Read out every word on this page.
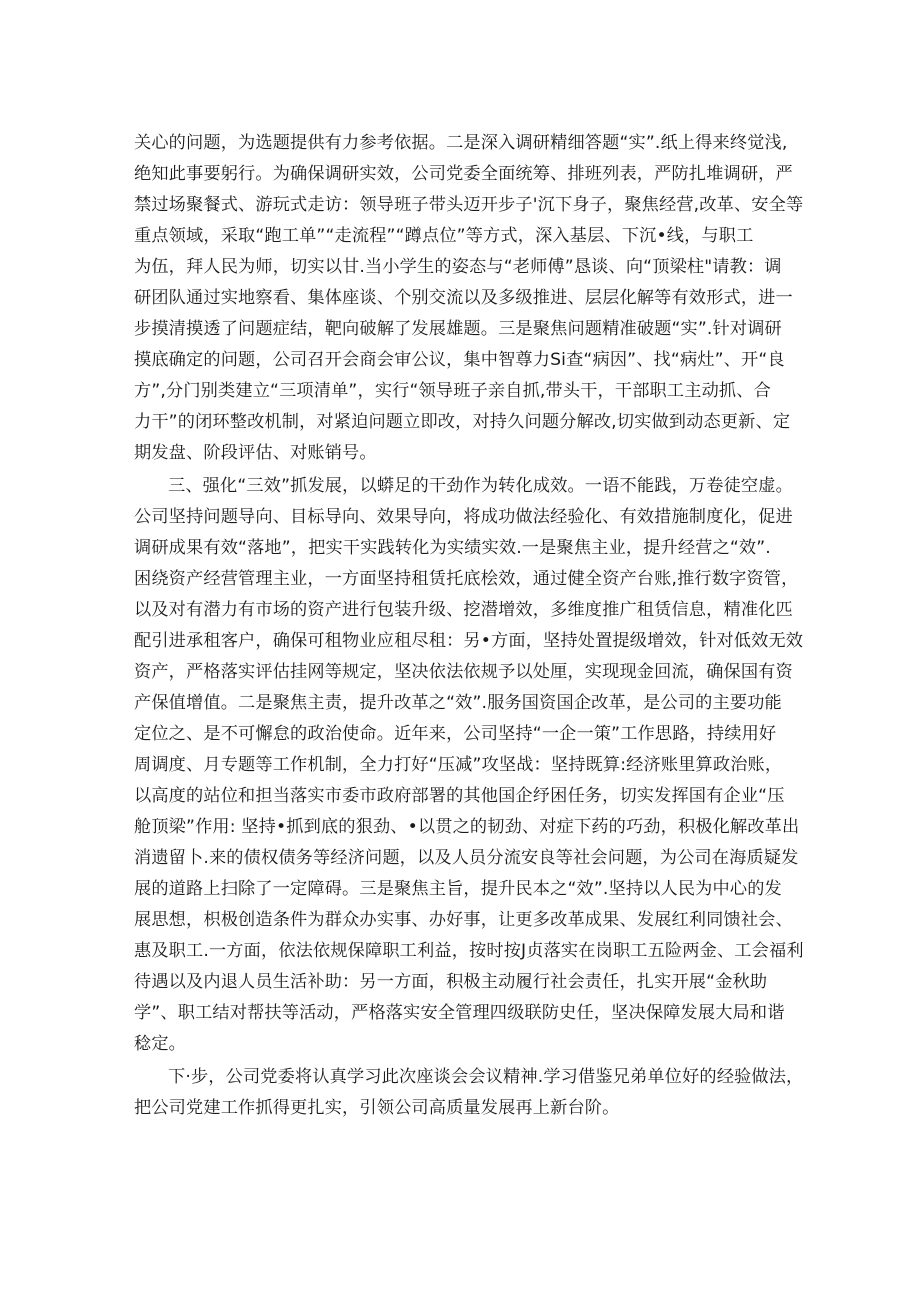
关心的问题，为选题提供有力参考依据。二是深入调研精细答题“实”.纸上得来终觉浅,
绝知此事要躬行。为确保调研实效，公司党委全面统筹、排班列表，严防扎堆调研，严
禁过场聚餐式、游玩式走访：领导班子带头迈开步子'沉下身子，聚焦经营,改革、安全等
重点领域，采取“跑工单”“走流程”“蹲点位”等方式，深入基层、下沉•线，与职工
为伍，拜人民为师，切实以甘.当小学生的姿态与“老师傅”恳谈、向“顶梁柱"请教：调
研团队通过实地察看、集体座谈、个别交流以及多级推进、层层化解等有效形式，进一
步摸清摸透了问题症结，靶向破解了发展雄题。三是聚焦问题精准破题“实”.针对调研
摸底确定的问题，公司召开会商会审公议，集中智尊力Si查“病因”、找“病灶”、开“良
方”,分门别类建立“三项清单”，实行“领导班子亲自抓,带头干，干部职工主动抓、合
力干”的闭环整改机制，对紧迫问题立即改，对持久问题分解改,切实做到动态更新、定
期发盘、阶段评估、对账销号。
三、强化“三效”抓发展，以蟒足的干劲作为转化成效。一语不能践，万卷徒空虚。
公司坚持问题导向、目标导向、效果导向，将成功做法经验化、有效措施制度化，促进
调研成果有效“落地”，把实干实践转化为实绩实效.一是聚焦主业，提升经营之“效”.
困绕资产经营管理主业，一方面坚持租赁托底桧效，通过健全资产台账,推行数字资管，
以及对有潜力有市场的资产进行包装升级、挖潜增效，多维度推广租赁信息，精准化匹
配引进承租客户，确保可租物业应租尽租：另•方面，坚持处置提级增效，针对低效无效
资产，严格落实评估挂网等规定，坚决依法依规予以处厘，实现现金回流，确保国有资
产保值增值。二是聚焦主责，提升改革之“效”.服务国资国企改革，是公司的主要功能
定位之、是不可懈怠的政治使命。近年来，公司坚持“一企一策”工作思路，持续用好
周调度、月专题等工作机制，全力打好“压减”攻坚战：坚持既算:经济账里算政治账，
以高度的站位和担当落实市委市政府部署的其他国企纾困任务，切实发挥国有企业“压
舱顶梁”作用: 坚持•抓到底的狠劲、•以贯之的韧劲、对症下药的巧劲，积极化解改革出
消遗留卜.来的债权债务等经济问题，以及人员分流安良等社会问题，为公司在海质疑发
展的道路上扫除了一定障碍。三是聚焦主旨，提升民本之“效”.坚持以人民为中心的发
展思想，枳极创造条件为群众办实事、办好事，让更多改革成果、发展红利同馈社会、
惠及职工.一方面，依法依规保障职工利益，按时按J贞落实在岗职工五险两金、工会福利
待遇以及内退人员生活补助：另一方面，积极主动履行社会责任，扎实开展“金秋助
学”、职工结对帮扶等活动，严格落实安全管理四级联防史任，坚决保障发展大局和谐
稔定。
下·步，公司党委将认真学习此次座谈会会议精神.学习借鉴兄弟单位好的经验做法，
把公司党建工作抓得更扎实，引领公司高质量发展再上新台阶。
